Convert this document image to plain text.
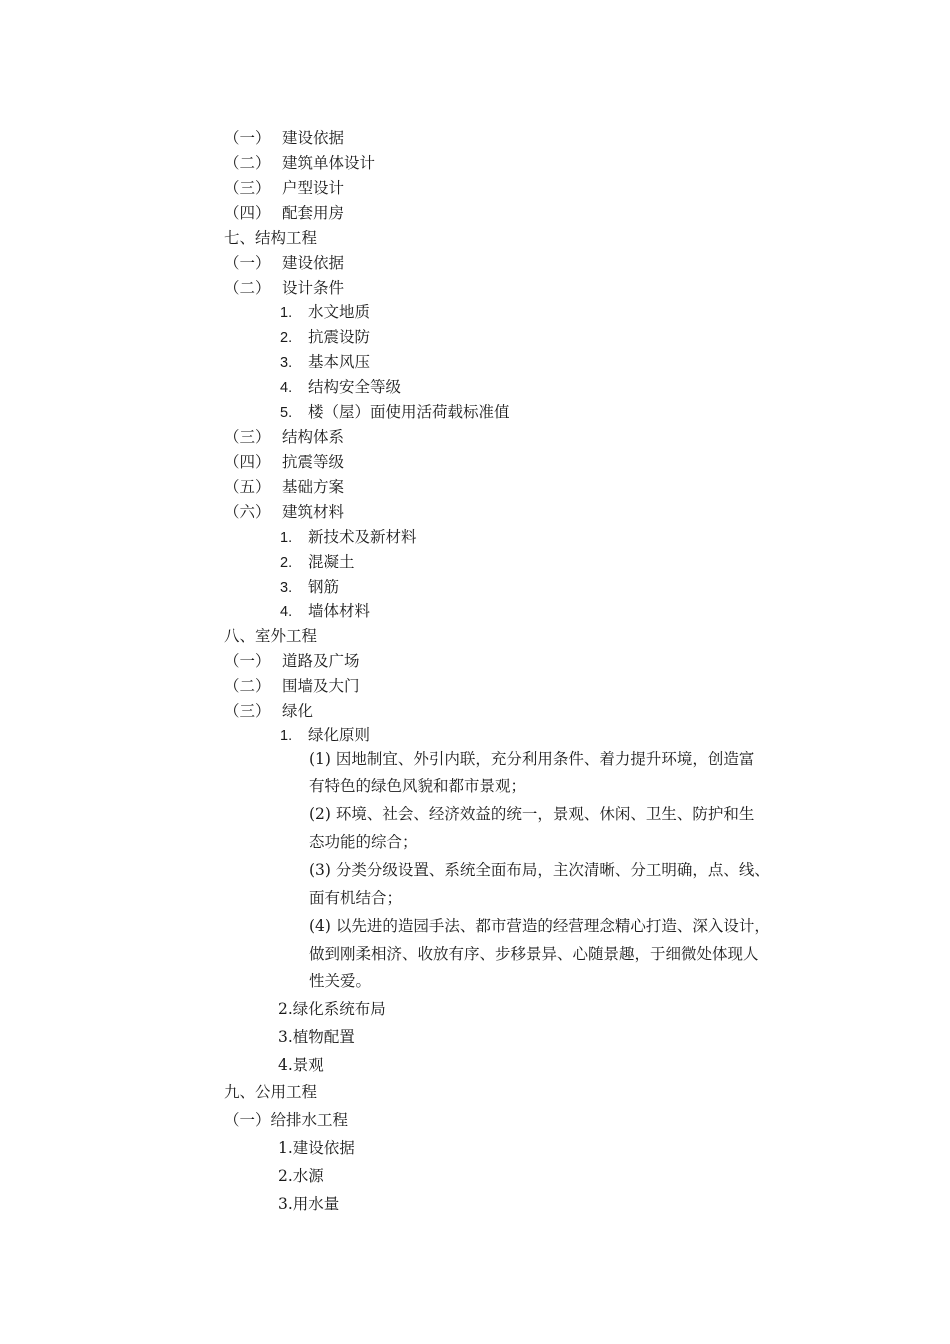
（一） 建设依据
（二） 建筑单体设计
（三） 户型设计
（四） 配套用房
七、结构工程
（一） 建设依据
（二） 设计条件
1. 水文地质
2. 抗震设防
3. 基本风压
4. 结构安全等级
5. 楼（屋）面使用活荷载标准值
（三） 结构体系
（四） 抗震等级
（五） 基础方案
（六） 建筑材料
1. 新技术及新材料
2. 混凝土
3. 钢筋
4. 墙体材料
八、室外工程
（一） 道路及广场
（二） 围墙及大门
（三） 绿化
1. 绿化原则
(1) 因地制宜、外引内联，充分利用条件、着力提升环境，创造富
有特色的绿色风貌和都市景观；
(2) 环境、社会、经济效益的统一，景观、休闲、卫生、防护和生
态功能的综合；
(3) 分类分级设置、系统全面布局，主次清晰、分工明确，点、线、
面有机结合；
(4) 以先进的造园手法、都市营造的经营理念精心打造、深入设计，
做到刚柔相济、收放有序、步移景异、心随景趣，于细微处体现人
性关爱。
2.绿化系统布局
3.植物配置
4.景观
九、公用工程
（一）给排水工程
1.建设依据
2.水源
3.用水量
